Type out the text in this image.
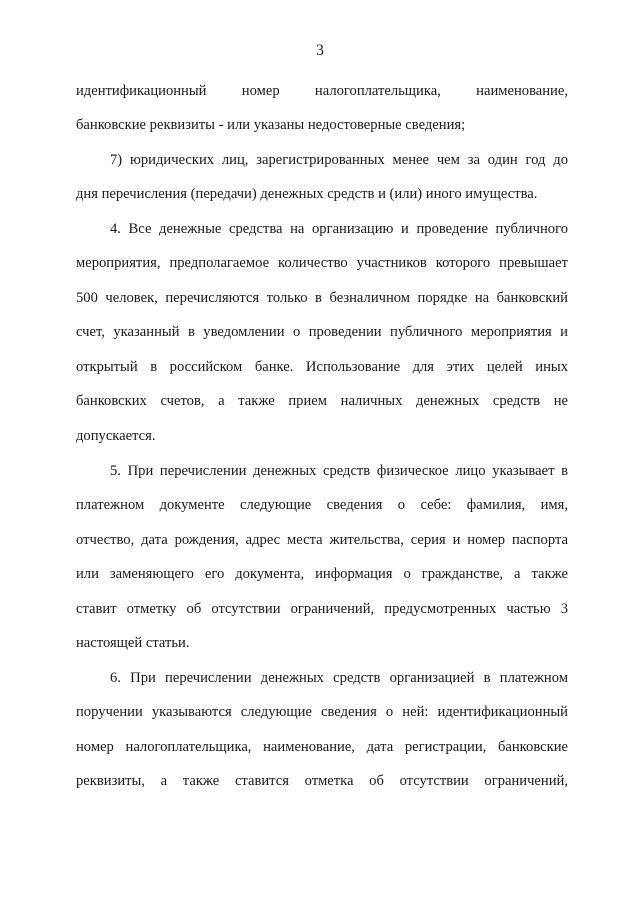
3
идентификационный номер налогоплательщика, наименование,
банковские реквизиты - или указаны недостоверные сведения;
7) юридических лиц, зарегистрированных менее чем за один год до
дня перечисления (передачи) денежных средств и (или) иного имущества.
4. Все денежные средства на организацию и проведение публичного
мероприятия, предполагаемое количество участников которого превышает
500 человек, перечисляются только в безналичном порядке на банковский
счет, указанный в уведомлении о проведении публичного мероприятия и
открытый в российском банке. Использование для этих целей иных
банковских счетов, а также прием наличных денежных средств не
допускается.
5. При перечислении денежных средств физическое лицо указывает в
платежном документе следующие сведения о себе: фамилия, имя,
отчество, дата рождения, адрес места жительства, серия и номер паспорта
или заменяющего его документа, информация о гражданстве, а также
ставит отметку об отсутствии ограничений, предусмотренных частью 3
настоящей статьи.
6. При перечислении денежных средств организацией в платежном
поручении указываются следующие сведения о ней: идентификационный
номер налогоплательщика, наименование, дата регистрации, банковские
реквизиты, а также ставится отметка об отсутствии ограничений,
